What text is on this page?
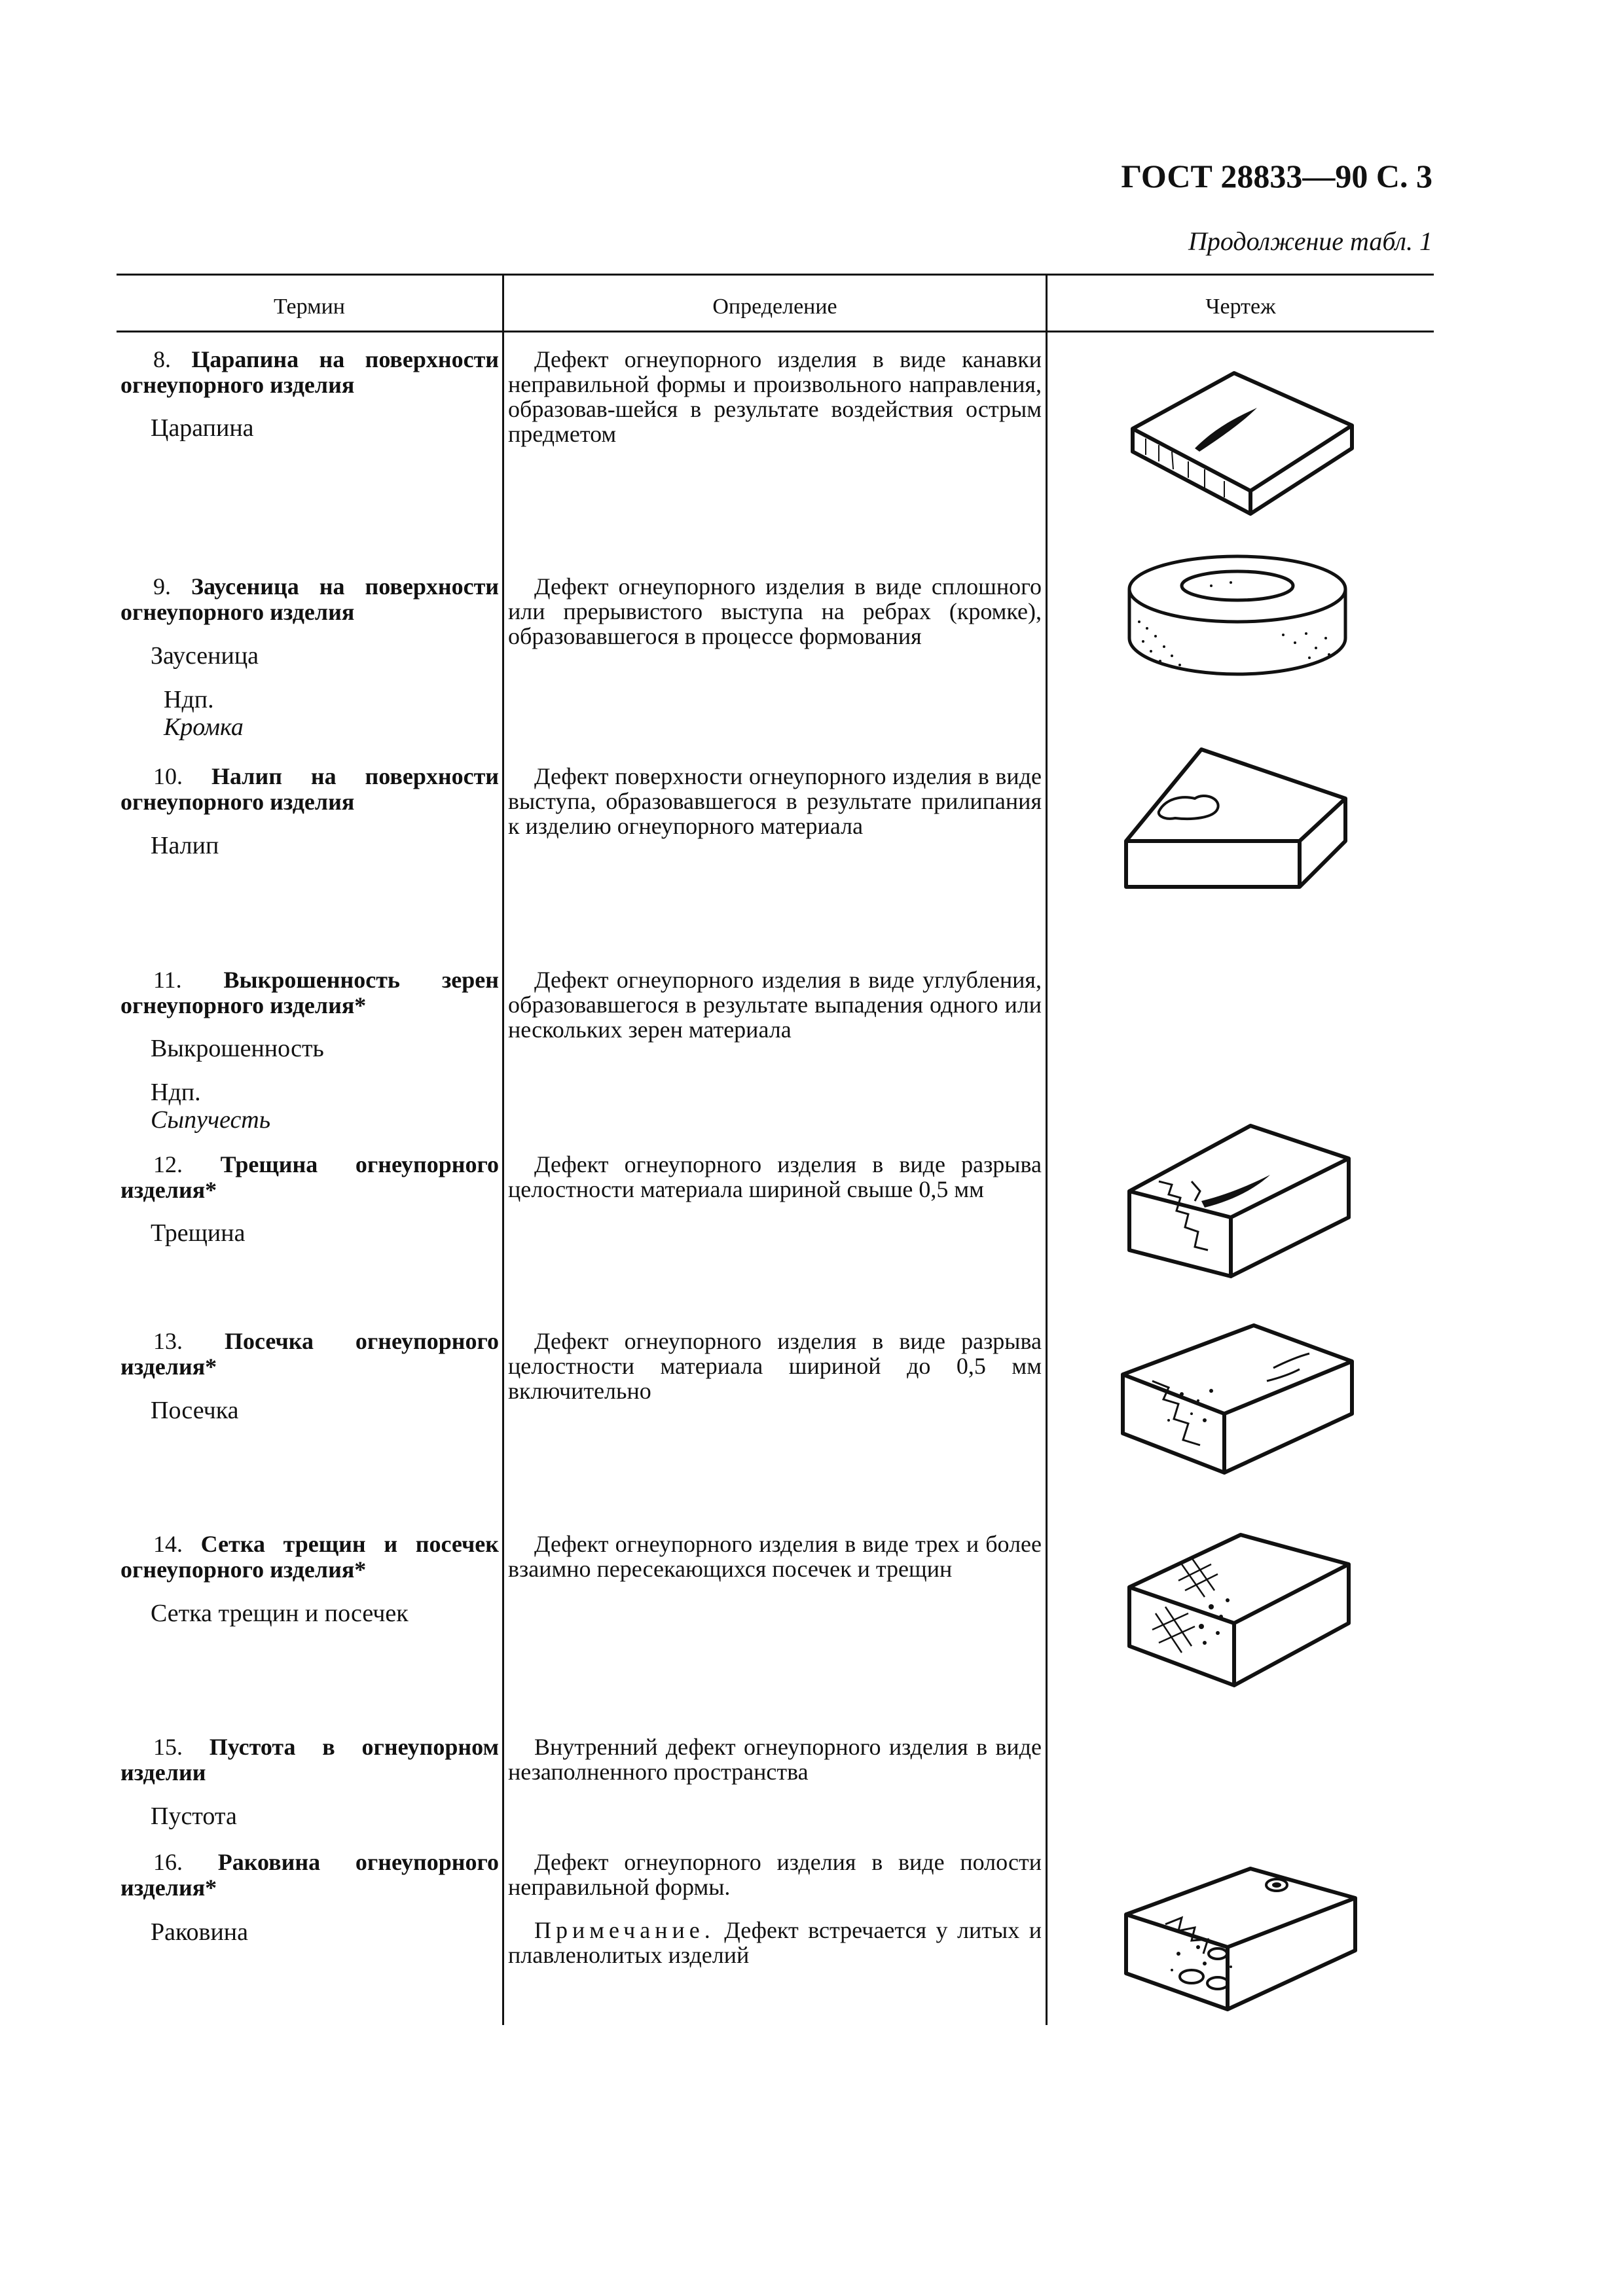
ГОСТ 28833—90 С. 3
Продолжение табл. 1
Термин	Определение	Чертеж
8. Царапина на поверхности огнеупорного изделия
Царапина
Дефект огнеупорного изделия в виде канавки неправильной формы и произвольного направления, образовав-шейся в результате воздействия острым предметом
9. Заусеница на поверхности огнеупорного изделия
Заусеница
Ндп.
Кромка
Дефект огнеупорного изделия в виде сплошного или прерывистого выступа на ребрах (кромке), образовавшегося в процессе формования
10. Налип на поверхности огнеупорного изделия
Налип
Дефект поверхности огнеупорного изделия в виде выступа, образовавшегося в результате прилипания к изделию огнеупорного материала
11. Выкрошенность зерен огнеупорного изделия*
Выкрошенность
Ндп.
Сыпучесть
Дефект огнеупорного изделия в виде углубления, образовавшегося в результате выпадения одного или нескольких зерен материала
12. Трещина огнеупорного изделия*
Трещина
Дефект огнеупорного изделия в виде разрыва целостности материала шириной свыше 0,5 мм
13. Посечка огнеупорного изделия*
Посечка
Дефект огнеупорного изделия в виде разрыва целостности материала шириной до 0,5 мм включительно
14. Сетка трещин и посечек огнеупорного изделия*
Сетка трещин и посечек
Дефект огнеупорного изделия в виде трех и более взаимно пересекающихся посечек и трещин
15. Пустота в огнеупорном изделии
Пустота
Внутренний дефект огнеупорного изделия в виде незаполненного пространства
16. Раковина огнеупорного изделия*
Раковина
Дефект огнеупорного изделия в виде полости неправильной формы.
Примечание. Дефект встречается у литых и плавленолитых изделий
